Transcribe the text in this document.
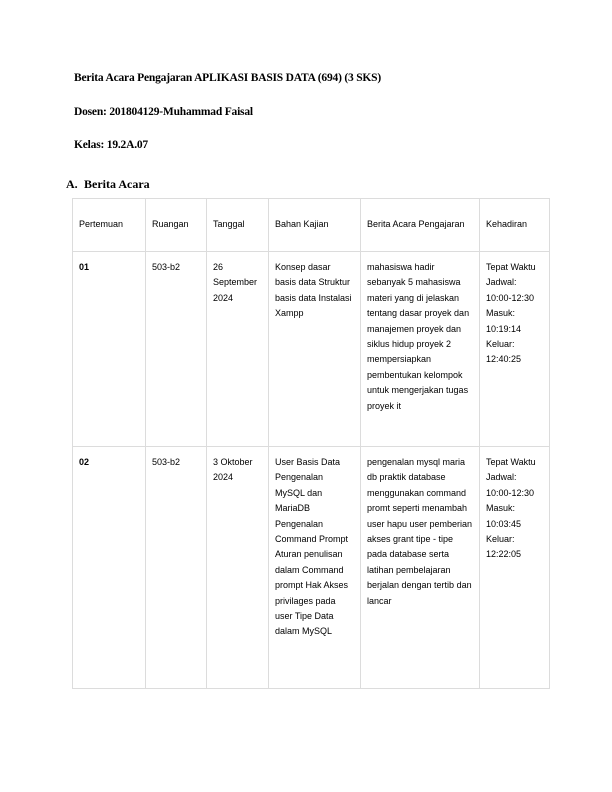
Berita Acara Pengajaran APLIKASI BASIS DATA (694) (3 SKS)
Dosen: 201804129-Muhammad Faisal
Kelas: 19.2A.07
A. Berita Acara
Pertemuan	Ruangan	Tanggal	Bahan Kajian	Berita Acara Pengajaran	Kehadiran
01	503-b2	26 September 2024	Konsep dasar basis data Struktur basis data Instalasi Xampp	mahasiswa hadir sebanyak 5 mahasiswa materi yang di jelaskan tentang dasar proyek dan manajemen proyek dan siklus hidup proyek 2 mempersiapkan pembentukan kelompok untuk mengerjakan tugas proyek it	Tepat Waktu Jadwal: 10:00-12:30 Masuk: 10:19:14 Keluar: 12:40:25
02	503-b2	3 Oktober 2024	User Basis Data Pengenalan MySQL dan MariaDB Pengenalan Command Prompt Aturan penulisan dalam Command prompt Hak Akses privilages pada user Tipe Data dalam MySQL	pengenalan mysql maria db praktik database menggunakan command promt seperti menambah user hapu user pemberian akses grant tipe - tipe pada database serta latihan pembelajaran berjalan dengan tertib dan lancar	Tepat Waktu Jadwal: 10:00-12:30 Masuk: 10:03:45 Keluar: 12:22:05
